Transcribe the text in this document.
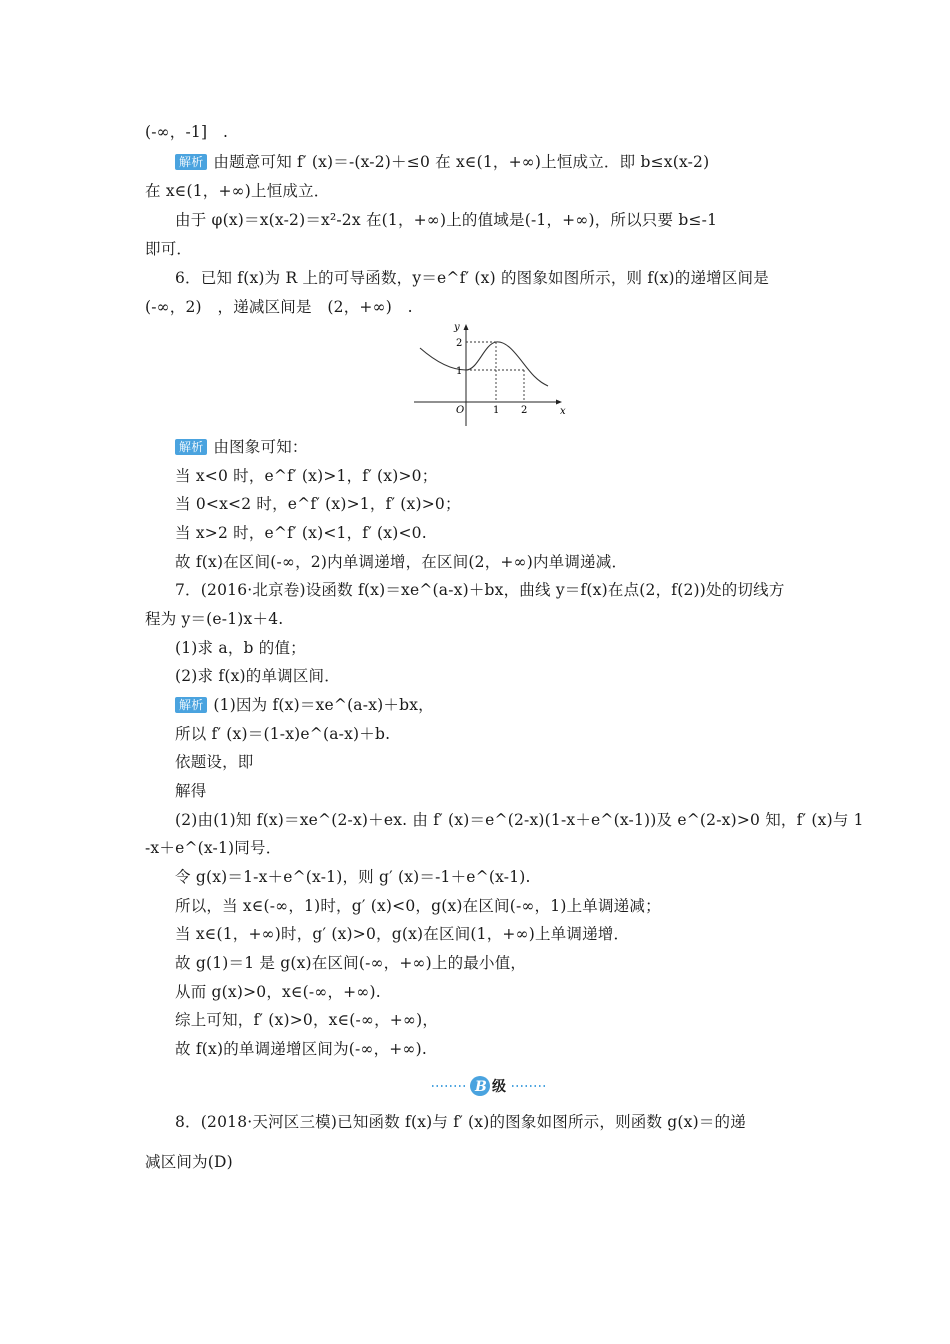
(-∞，-1]　.
解析 由题意可知 f′ (x)＝-(x-2)＋≤0 在 x∈(1，+∞)上恒成立．即 b≤x(x-2)
在 x∈(1，+∞)上恒成立．
由于 φ(x)＝x(x-2)＝x²-2x 在(1，+∞)上的值域是(-1，+∞)，所以只要 b≤-1
即可．
6．已知 f(x)为 R 上的可导函数，y＝e^f′ (x) 的图象如图所示，则 f(x)的递增区间是
(-∞，2)　，递减区间是　(2，+∞)　.
解析 由图象可知：
当 x<0 时，e^f′ (x)>1，f′ (x)>0；
当 0<x<2 时，e^f′ (x)>1，f′ (x)>0；
当 x>2 时，e^f′ (x)<1，f′ (x)<0.
故 f(x)在区间(-∞，2)内单调递增，在区间(2，+∞)内单调递减．
7．(2016·北京卷)设函数 f(x)＝xe^(a-x)＋bx，曲线 y＝f(x)在点(2，f(2))处的切线方
程为 y＝(e-1)x＋4.
(1)求 a，b 的值；
(2)求 f(x)的单调区间．
解析 (1)因为 f(x)＝xe^(a-x)＋bx，
所以 f′ (x)＝(1-x)e^(a-x)＋b.
依题设，即
解得
(2)由(1)知 f(x)＝xe^(2-x)＋ex. 由 f′ (x)＝e^(2-x)(1-x＋e^(x-1))及 e^(2-x)>0 知，f′ (x)与 1
-x＋e^(x-1)同号．
令 g(x)＝1-x＋e^(x-1)，则 g′ (x)＝-1＋e^(x-1).
所以，当 x∈(-∞，1)时，g′ (x)<0，g(x)在区间(-∞，1)上单调递减；
当 x∈(1，+∞)时，g′ (x)>0，g(x)在区间(1，+∞)上单调递增．
故 g(1)＝1 是 g(x)在区间(-∞，+∞)上的最小值，
从而 g(x)>0，x∈(-∞，+∞).
综上可知，f′ (x)>0，x∈(-∞，+∞)，
故 f(x)的单调递增区间为(-∞，+∞).
8．(2018·天河区三模)已知函数 f(x)与 f′ (x)的图象如图所示，则函数 g(x)＝的递
减区间为(D)
y
x
O
2
1
1 2
B 级
